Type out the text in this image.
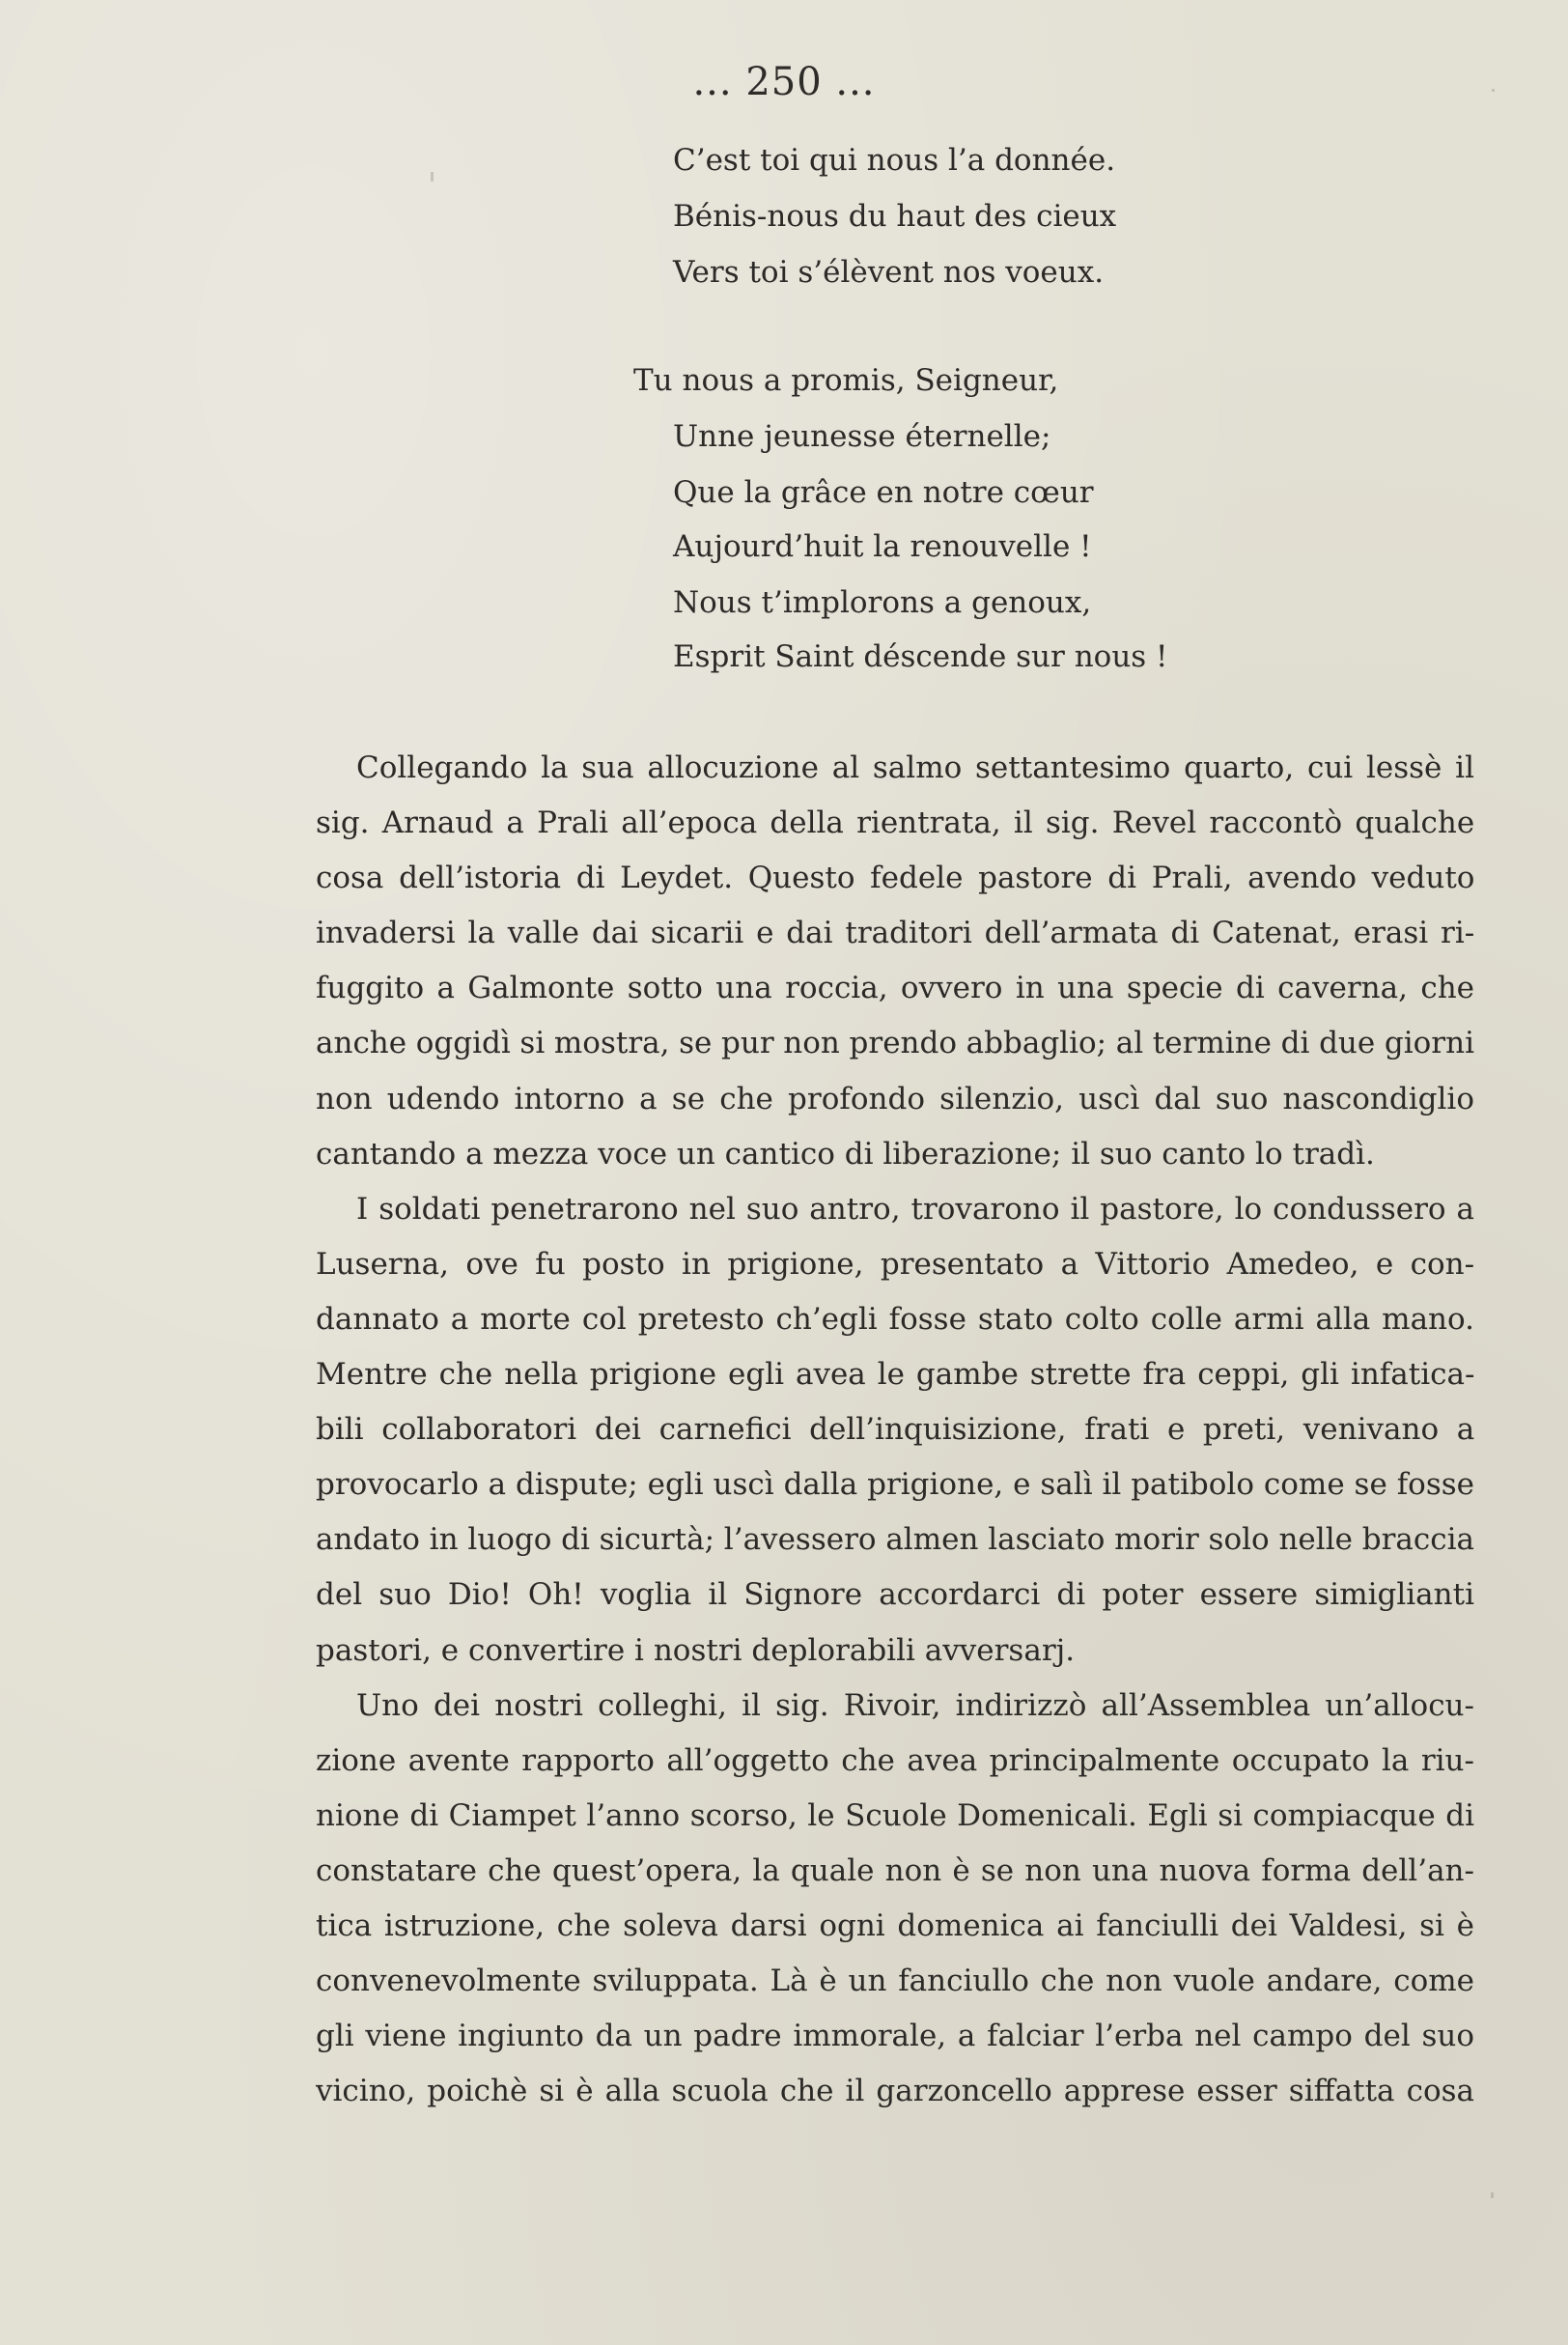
... 250 ...
C’est toi qui nous l’a donnée.
Bénis-nous du haut des cieux
Vers toi s’élèvent nos voeux.
Tu nous a promis, Seigneur,
Unne jeunesse éternelle;
Que la grâce en notre cœur
Aujourd’huit la renouvelle !
Nous t’implorons a genoux,
Esprit Saint déscende sur nous !
Collegando la sua allocuzione al salmo settantesimo quarto, cui lessè il
sig. Arnaud a Prali all’epoca della rientrata, il sig. Revel raccontò qualche
cosa dell’istoria di Leydet. Questo fedele pastore di Prali, avendo veduto
invadersi la valle dai sicarii e dai traditori dell’armata di Catenat, erasi ri-
fuggito a Galmonte sotto una roccia, ovvero in una specie di caverna, che
anche oggidì si mostra, se pur non prendo abbaglio; al termine di due giorni
non udendo intorno a se che profondo silenzio, uscì dal suo nascondiglio
cantando a mezza voce un cantico di liberazione; il suo canto lo tradì.
I soldati penetrarono nel suo antro, trovarono il pastore, lo condussero a
Luserna, ove fu posto in prigione, presentato a Vittorio Amedeo, e con-
dannato a morte col pretesto ch’egli fosse stato colto colle armi alla mano.
Mentre che nella prigione egli avea le gambe strette fra ceppi, gli infatica-
bili collaboratori dei carnefici dell’inquisizione, frati e preti, venivano a
provocarlo a dispute; egli uscì dalla prigione, e salì il patibolo come se fosse
andato in luogo di sicurtà; l’avessero almen lasciato morir solo nelle braccia
del suo Dio! Oh! voglia il Signore accordarci di poter essere simiglianti
pastori, e convertire i nostri deplorabili avversarj.
Uno dei nostri colleghi, il sig. Rivoir, indirizzò all’Assemblea un’allocu-
zione avente rapporto all’oggetto che avea principalmente occupato la riu-
nione di Ciampet l’anno scorso, le Scuole Domenicali. Egli si compiacque di
constatare che quest’opera, la quale non è se non una nuova forma dell’an-
tica istruzione, che soleva darsi ogni domenica ai fanciulli dei Valdesi, si è
convenevolmente sviluppata. Là è un fanciullo che non vuole andare, come
gli viene ingiunto da un padre immorale, a falciar l’erba nel campo del suo
vicino, poichè si è alla scuola che il garzoncello apprese esser siffatta cosa
